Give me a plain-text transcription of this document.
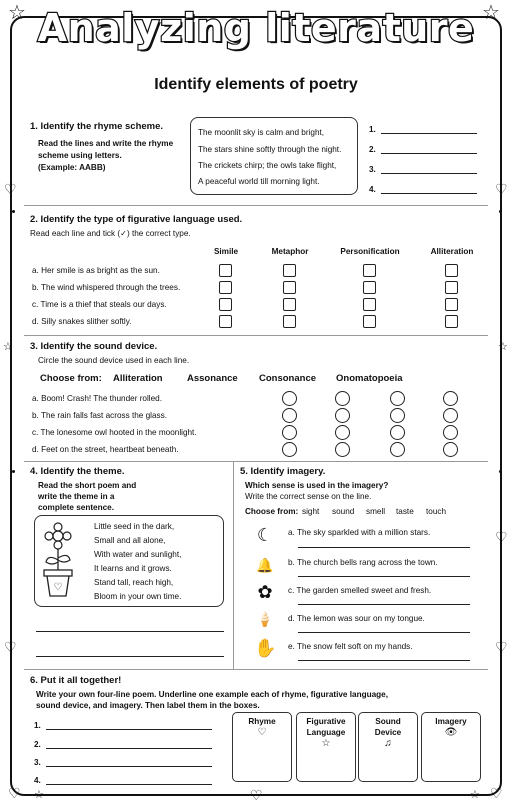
☆	☆
♡	♡
♡
♡	♡
♡	♡	♡
☆	☆
☆	☆
Analyzing literature
Identify elements of poetry
1. Identify the rhyme scheme.
Read the lines and write the rhyme
scheme using letters.
(Example: AABB)
The moonlit sky is calm and bright,
The stars shine softly through the night.
The crickets chirp; the owls take flight,
A peaceful world till morning light.
1.
2.
3.
4.
2. Identify the type of figurative language used.
Read each line and tick (✓) the correct type.
Simile	Metaphor	Personification	Alliteration
a. Her smile is as bright as the sun.
b. The wind whispered through the trees.
c. Time is a thief that steals our days.
d. Silly snakes slither softly.
3. Identify the sound device.
Circle the sound device used in each line.
Choose from: Alliteration	Assonance Consonance Onomatopoeia
a. Boom! Crash! The thunder rolled.
b. The rain falls fast across the glass.
c. The lonesome owl hooted in the moonlight.
d. Feet on the street, heartbeat beneath.
4. Identify the theme.
Read the short poem and
write the theme in a
complete sentence.
♡
Little seed in the dark,
Small and all alone,
With water and sunlight,
It learns and it grows.
Stand tall, reach high,
Bloom in your own time.
5. Identify imagery.
Which sense is used in the imagery?
Write the correct sense on the line.
Choose from: sight sound smell taste touch
☾	a. The sky sparkled with a million stars.
🔔 b. The church bells rang across the town.
✿	c. The garden smelled sweet and fresh.
🍦 d. The lemon was sour on my tongue.
✋ e. The snow felt soft on my hands.
6. Put it all together!
Write your own four-line poem. Underline one example each of rhyme, figurative language,
sound device, and imagery. Then label them in the boxes.
1.
2.
3.
4.
Rhyme
♡
Figurative
Language
☆
Sound
Device
♫
Imagery
👁
